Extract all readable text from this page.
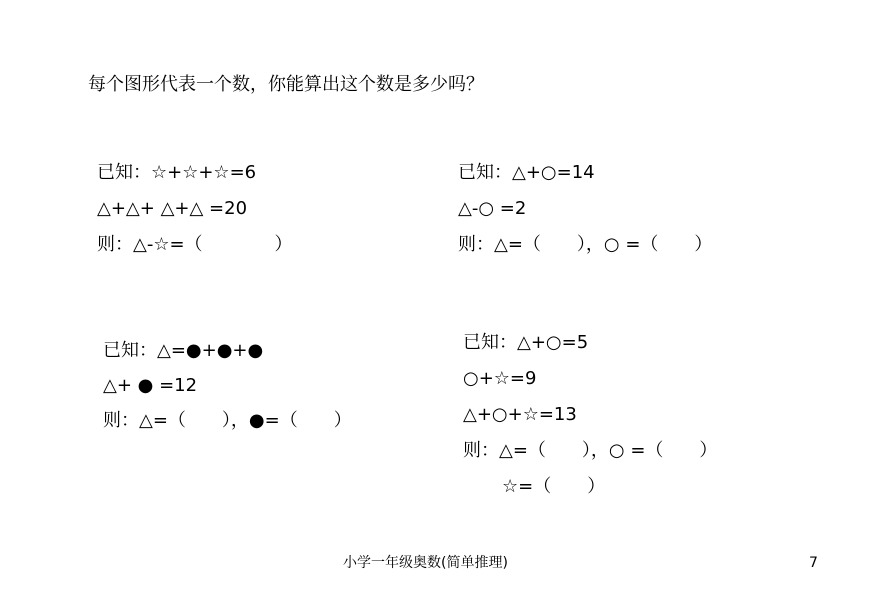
每个图形代表一个数，你能算出这个数是多少吗？
已知：☆+☆+☆=6
△+△+ △+△ =20
则：△-☆=（　　　　）
已知：△+○=14
△-○ =2
则：△=（　　），○ =（　　）
已知：△=●+●+●
△+ ● =12
则：△=（　　），●=（　　）
已知：△+○=5
○+☆=9
△+○+☆=13
则：△=（　　），○ =（　　）
☆=（　　）
小学一年级奥数(简单推理)	7
